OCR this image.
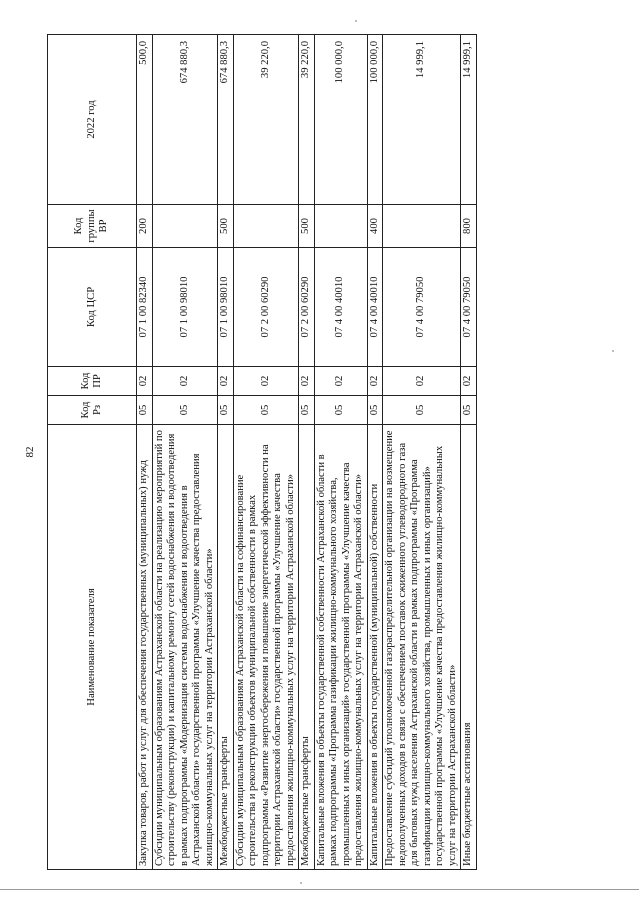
82
Наименование показателя	Код Рз	Код ПР	Код ЦСР	Код группы ВР	2022 год
Закупка товаров, работ и услуг для обеспечения государственных (муниципальных) нужд	05	02	07 1 00 82340	200	500,0
Субсидии муниципальным образованиям Астраханской области на реализацию мероприятий по строительству (реконструкции) и капитальному ремонту сетей водоснабжения и водоотведения в рамках подпрограммы «Модернизация системы водоснабжения и водоотведения в Астраханской области» государственной программы «Улучшение качества предоставления жилищно-коммунальных услуг на территории Астраханской области»	05	02	07 1 00 98010		674 880,3
Межбюджетные трансферты	05	02	07 1 00 98010	500	674 880,3
Субсидии муниципальным образованиям Астраханской области на софинансирование строительства и реконструкции объектов муниципальной собственности в рамках подпрограммы «Развитие энергосбережения и повышение энергетической эффективности на территории Астраханской области» государственной программы «Улучшение качества предоставления жилищно-коммунальных услуг на территории Астраханской области»	05	02	07 2 00 60290		39 220,0
Межбюджетные трансферты	05	02	07 2 00 60290	500	39 220,0
Капитальные вложения в объекты государственной собственности Астраханской области в рамках подпрограммы «Программа газификации жилищно-коммунального хозяйства, промышленных и иных организаций» государственной программы «Улучшение качества предоставления жилищно-коммунальных услуг на территории Астраханской области»	05	02	07 4 00 40010		100 000,0
Капитальные вложения в объекты государственной (муниципальной) собственности	05	02	07 4 00 40010	400	100 000,0
Предоставление субсидий уполномоченной газораспределительной организации на возмещение недополученных доходов в связи с обеспечением поставок сжиженного углеводородного газа для бытовых нужд населения Астраханской области в рамках подпрограммы «Программа газификации жилищно-коммунального хозяйства, промышленных и иных организаций» государственной программы «Улучшение качества предоставления жилищно-коммунальных услуг на территории Астраханской области»	05	02	07 4 00 79050		14 999,1
Иные бюджетные ассигнования	05	02	07 4 00 79050	800	14 999,1
